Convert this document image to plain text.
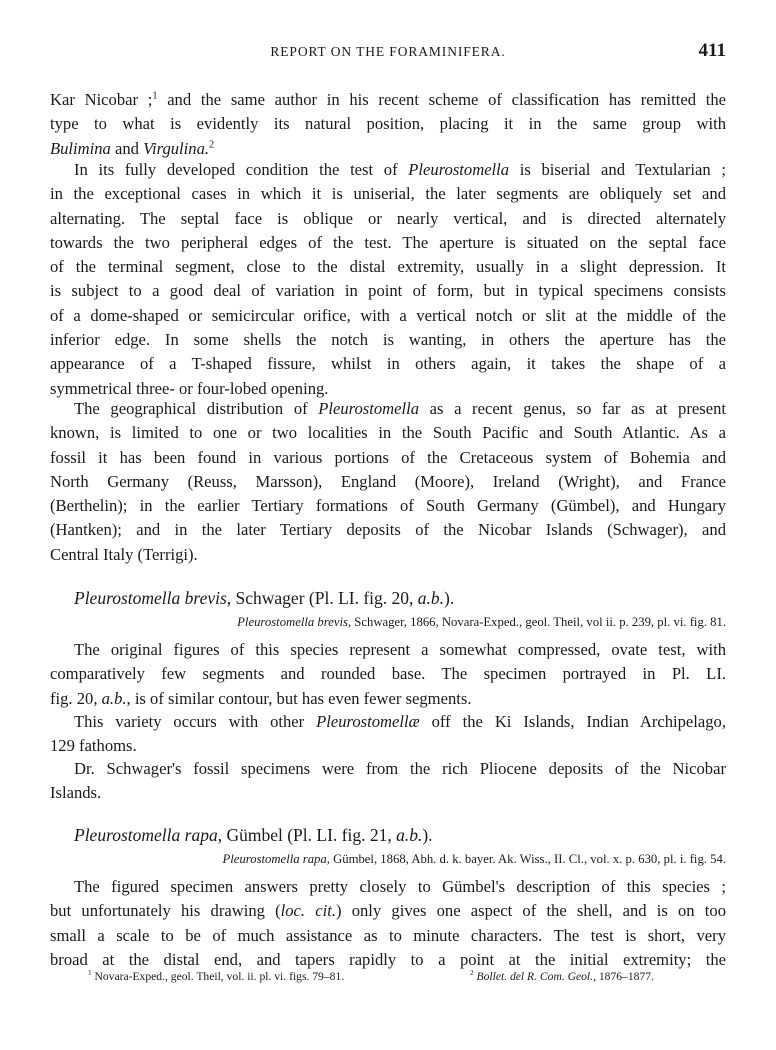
REPORT ON THE FORAMINIFERA.	411
Kar Nicobar ;$^1$ and the same author in his recent scheme of classification has remitted the
type to what is evidently its natural position, placing it in the same group with
Bulimina and Virgulina.$^2$
In its fully developed condition the test of Pleurostomella is biserial and Textularian ;
in the exceptional cases in which it is uniserial, the later segments are obliquely set and
alternating. The septal face is oblique or nearly vertical, and is directed alternately
towards the two peripheral edges of the test. The aperture is situated on the septal face
of the terminal segment, close to the distal extremity, usually in a slight depression. It
is subject to a good deal of variation in point of form, but in typical specimens consists
of a dome-shaped or semicircular orifice, with a vertical notch or slit at the middle of the
inferior edge. In some shells the notch is wanting, in others the aperture has the
appearance of a T-shaped fissure, whilst in others again, it takes the shape of a
symmetrical three- or four-lobed opening.
The geographical distribution of Pleurostomella as a recent genus, so far as at present
known, is limited to one or two localities in the South Pacific and South Atlantic. As a
fossil it has been found in various portions of the Cretaceous system of Bohemia and
North Germany (Reuss, Marsson), England (Moore), Ireland (Wright), and France
(Berthelin); in the earlier Tertiary formations of South Germany (Gümbel), and Hungary
(Hantken); and in the later Tertiary deposits of the Nicobar Islands (Schwager), and
Central Italy (Terrigi).
Pleurostomella brevis, Schwager (Pl. LI. fig. 20, a.b.).
Pleurostomella brevis, Schwager, 1866, Novara-Exped., geol. Theil, vol ii. p. 239, pl. vi. fig. 81.
The original figures of this species represent a somewhat compressed, ovate test, with
comparatively few segments and rounded base. The specimen portrayed in Pl. LI.
fig. 20, a.b., is of similar contour, but has even fewer segments.
This variety occurs with other Pleurostomellæ off the Ki Islands, Indian Archipelago,
129 fathoms.
Dr. Schwager's fossil specimens were from the rich Pliocene deposits of the Nicobar
Islands.
Pleurostomella rapa, Gümbel (Pl. LI. fig. 21, a.b.).
Pleurostomella rapa, Gümbel, 1868, Abh. d. k. bayer. Ak. Wiss., II. Cl., vol. x. p. 630, pl. i. fig. 54.
The figured specimen answers pretty closely to Gümbel's description of this species ;
but unfortunately his drawing (loc. cit.) only gives one aspect of the shell, and is on too
small a scale to be of much assistance as to minute characters. The test is short, very
broad at the distal end, and tapers rapidly to a point at the initial extremity; the
$^1$ Novara-Exped., geol. Theil, vol. ii. pl. vi. figs. 79–81.	$^2$ Bollet. del R. Com. Geol., 1876–1877.
